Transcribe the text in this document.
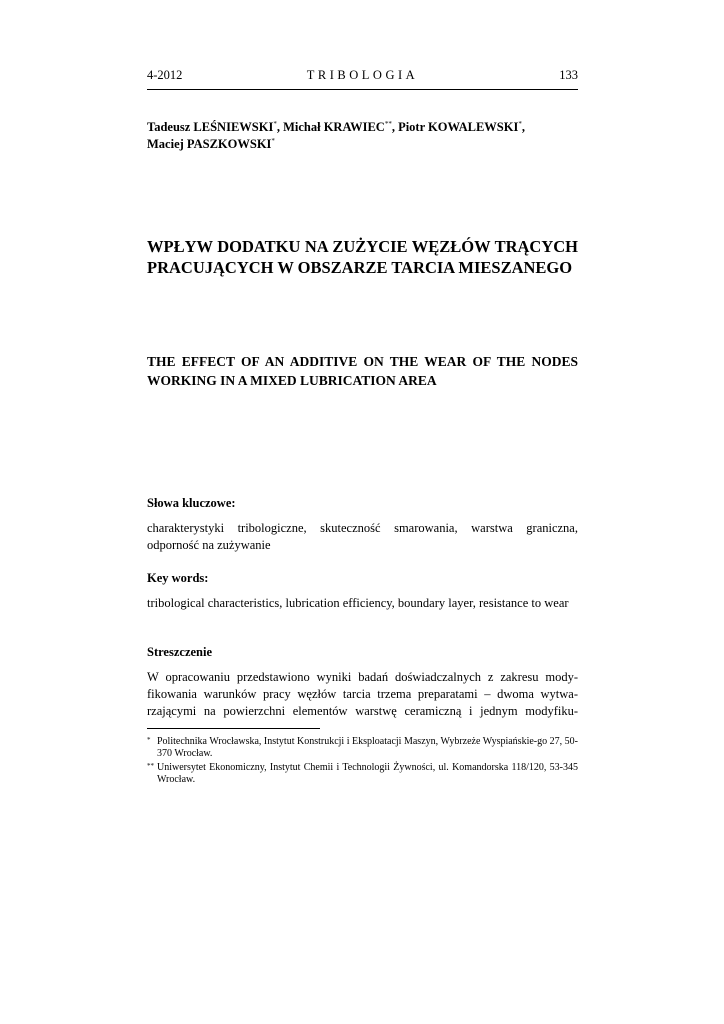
4-2012	TRIBOLOGIA	133
Tadeusz LEŚNIEWSKI*, Michał KRAWIEC**, Piotr KOWALEWSKI*,
Maciej PASZKOWSKI*
WPŁYW DODATKU NA ZUŻYCIE WĘZŁÓW TRĄCYCH PRACUJĄCYCH W OBSZARZE TARCIA MIESZANEGO
THE EFFECT OF AN ADDITIVE ON THE WEAR OF THE NODES WORKING IN A MIXED LUBRICATION AREA
Słowa kluczowe:

charakterystyki tribologiczne, skuteczność smarowania, warstwa graniczna, odporność na zużywanie

Key words:

tribological characteristics, lubrication efficiency, boundary layer, resistance to wear

Streszczenie

W opracowaniu przedstawiono wyniki badań doświadczalnych z zakresu mody-fikowania warunków pracy węzłów tarcia trzema preparatami – dwoma wytwa-rzającymi na powierzchni elementów warstwę ceramiczną i jednym modyfiku-

* Politechnika Wrocławska, Instytut Konstrukcji i Eksploatacji Maszyn, Wybrzeże Wyspiańskie-go 27, 50-370 Wrocław.
** Uniwersytet Ekonomiczny, Instytut Chemii i Technologii Żywności, ul. Komandorska 118/120, 53-345 Wrocław.
